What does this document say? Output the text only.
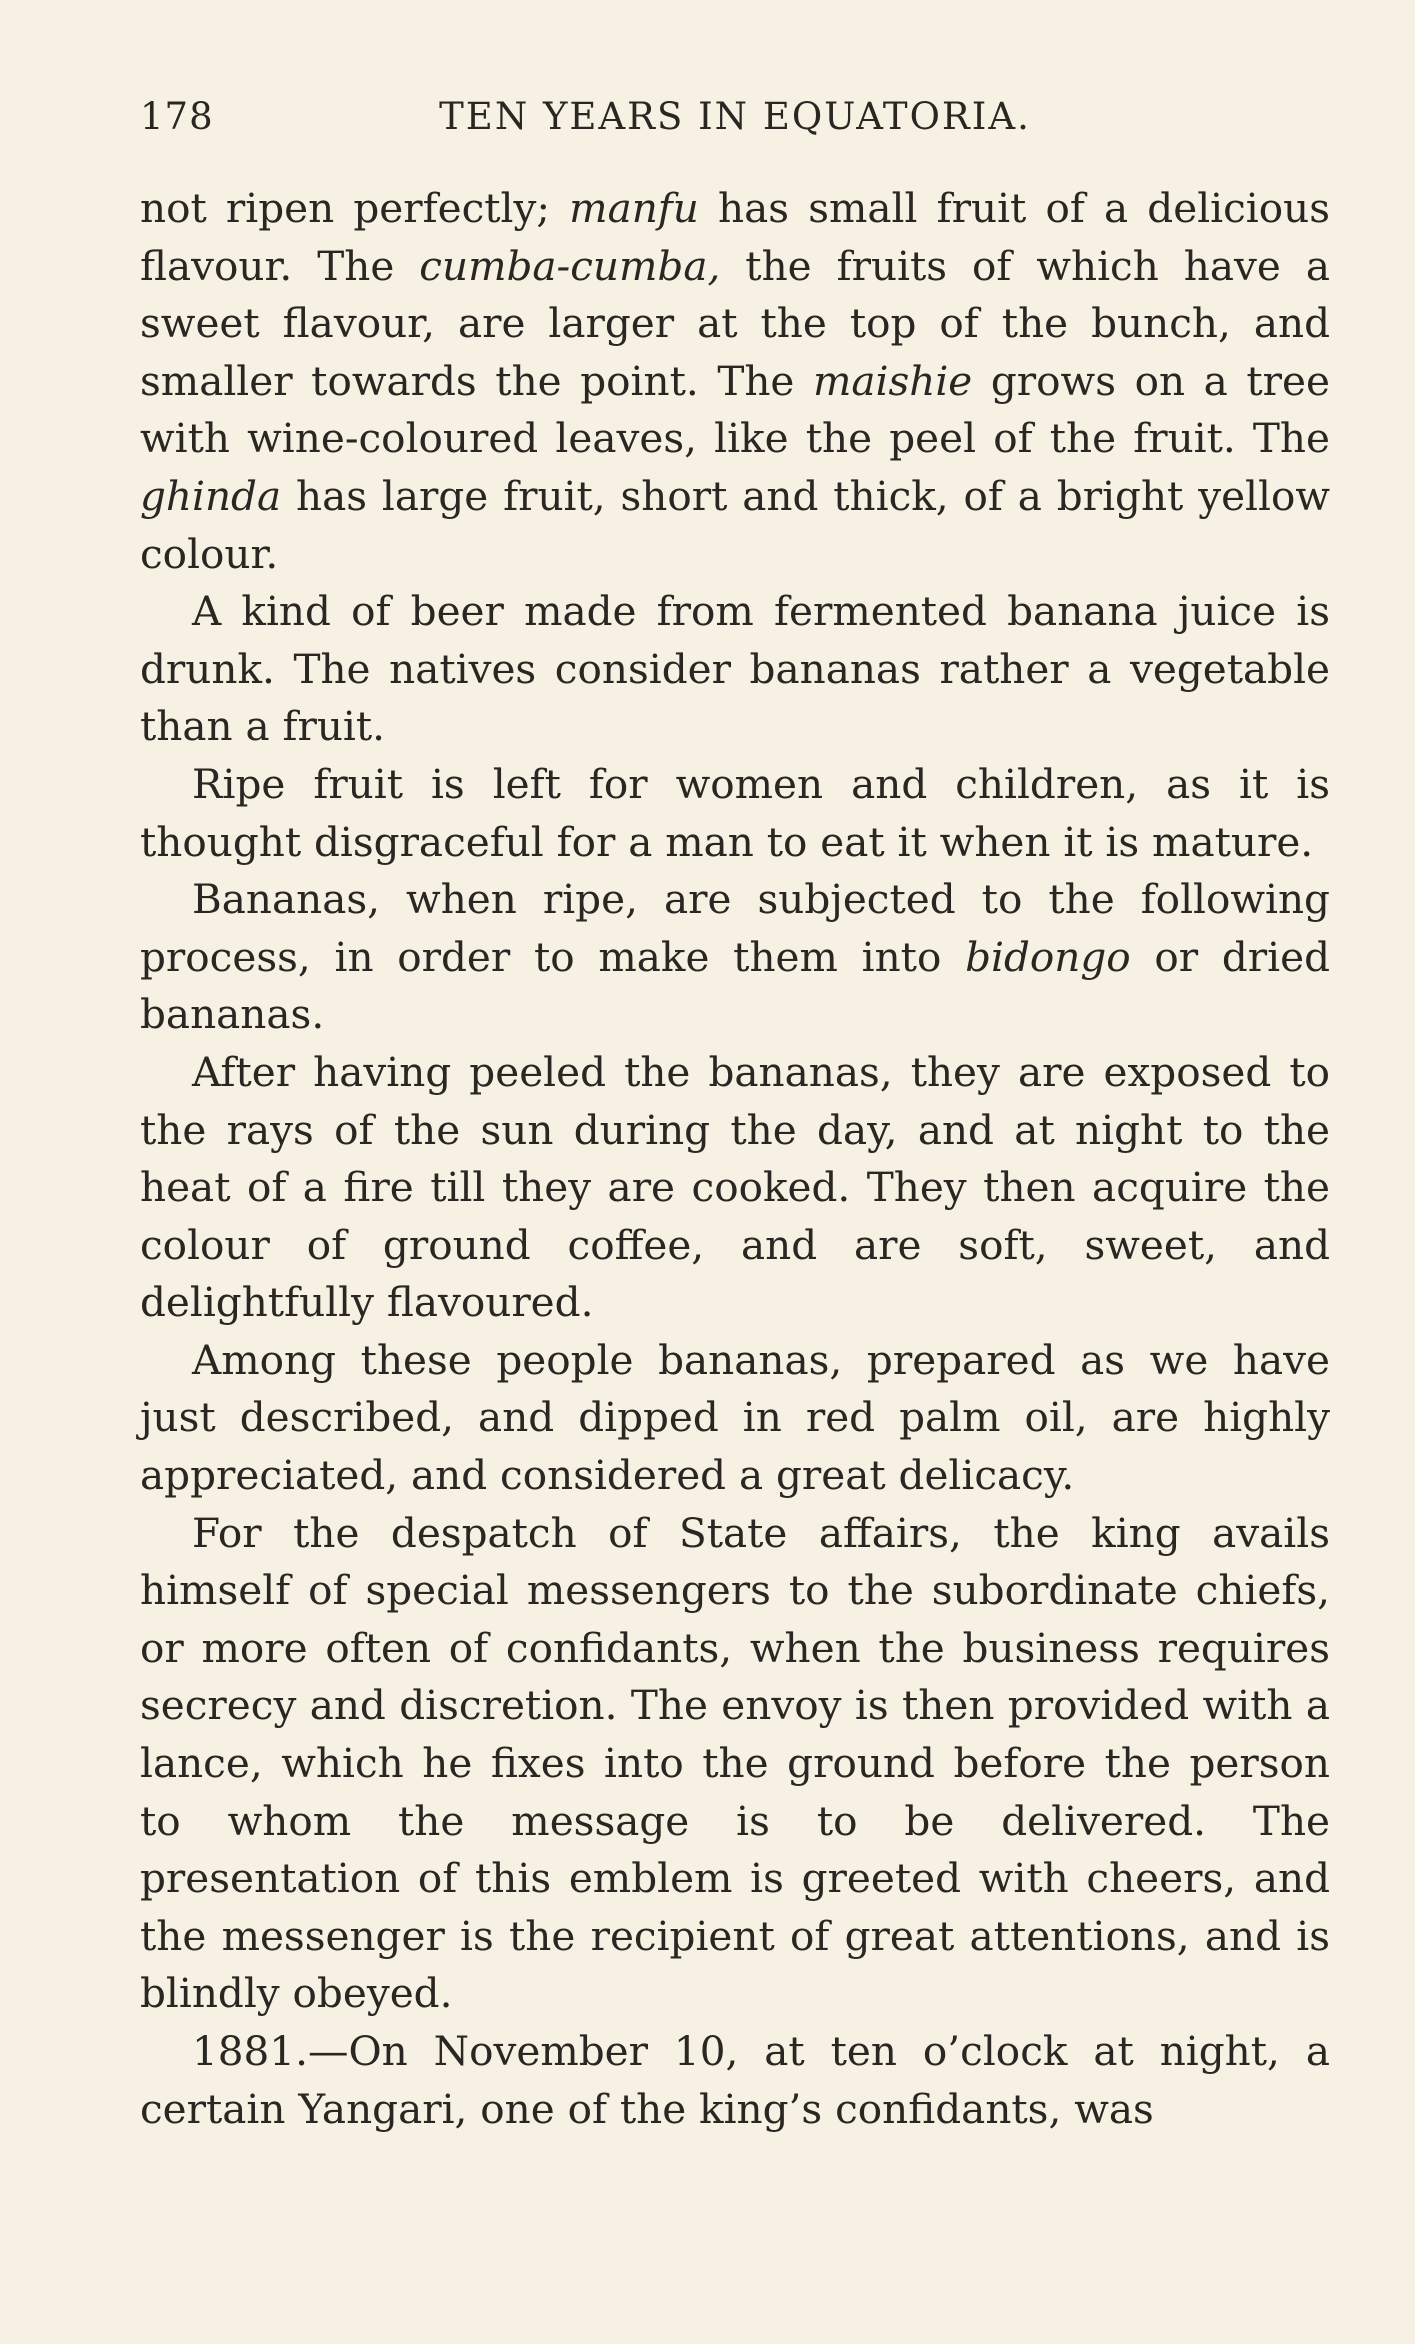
178	TEN YEARS IN EQUATORIA.

not ripen perfectly; manfu has small fruit of a delicious flavour. The cumba-cumba, the fruits of which have a sweet flavour, are larger at the top of the bunch, and smaller towards the point. The maishie grows on a tree with wine-coloured leaves, like the peel of the fruit. The ghinda has large fruit, short and thick, of a bright yellow colour.

A kind of beer made from fermented banana juice is drunk. The natives consider bananas rather a vegetable than a fruit.

Ripe fruit is left for women and children, as it is thought disgraceful for a man to eat it when it is mature.

Bananas, when ripe, are subjected to the following process, in order to make them into bidongo or dried bananas.

After having peeled the bananas, they are exposed to the rays of the sun during the day, and at night to the heat of a fire till they are cooked. They then acquire the colour of ground coffee, and are soft, sweet, and delightfully flavoured.

Among these people bananas, prepared as we have just described, and dipped in red palm oil, are highly appreciated, and considered a great delicacy.

For the despatch of State affairs, the king avails himself of special messengers to the subordinate chiefs, or more often of confidants, when the business requires secrecy and discretion. The envoy is then provided with a lance, which he fixes into the ground before the person to whom the message is to be delivered. The presentation of this emblem is greeted with cheers, and the messenger is the recipient of great attentions, and is blindly obeyed.

1881.—On November 10, at ten o’clock at night, a certain Yangari, one of the king’s confidants, was
